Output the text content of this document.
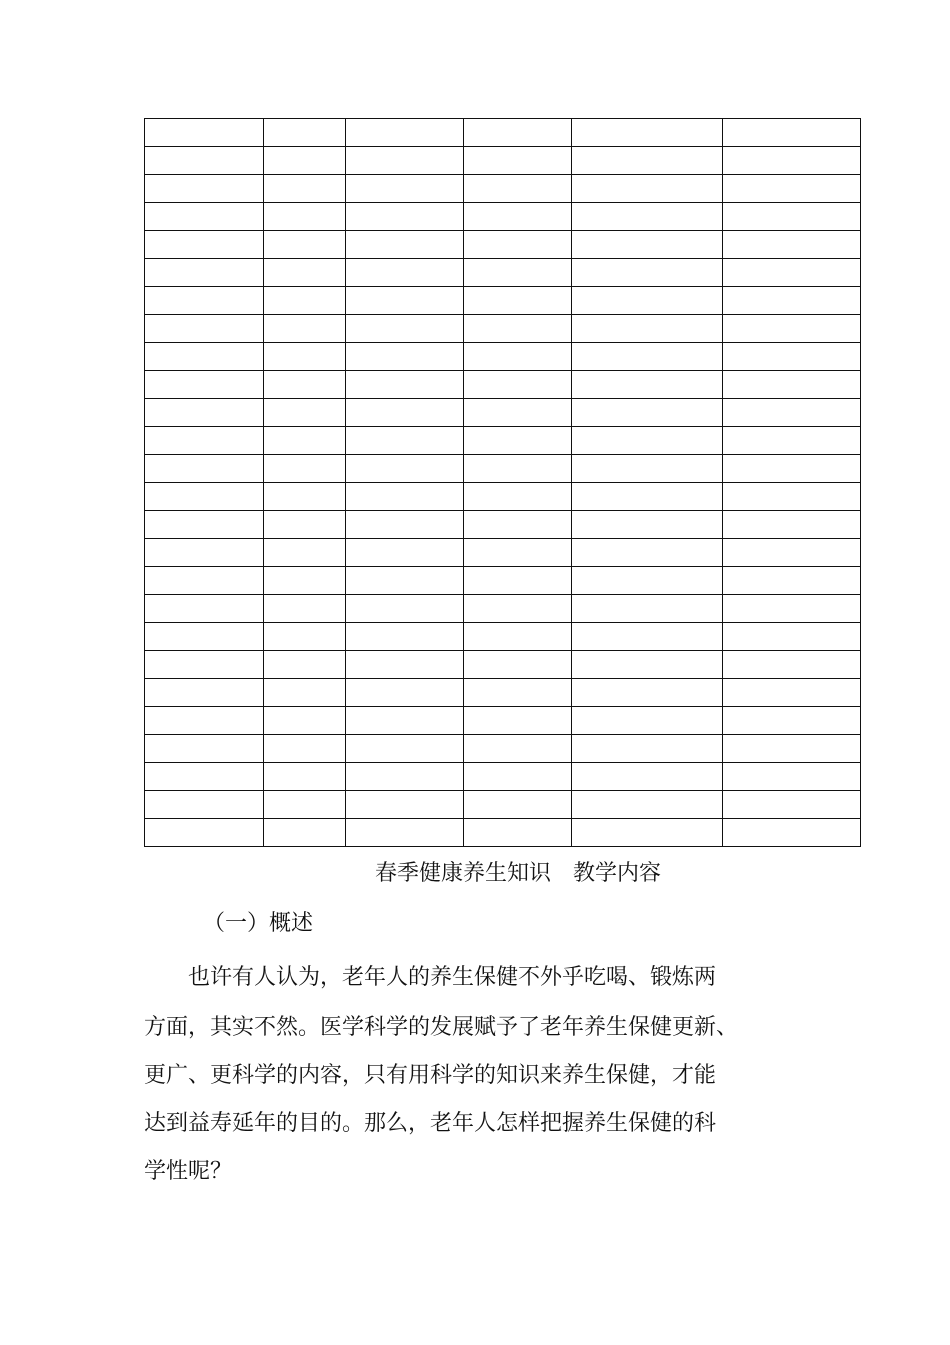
春季健康养生知识 教学内容
（一）概述
　　也许有人认为，老年人的养生保健不外乎吃喝、锻炼两
方面，其实不然。医学科学的发展赋予了老年养生保健更新、
更广、更科学的内容，只有用科学的知识来养生保健，才能
达到益寿延年的目的。那么，老年人怎样把握养生保健的科
学性呢？
